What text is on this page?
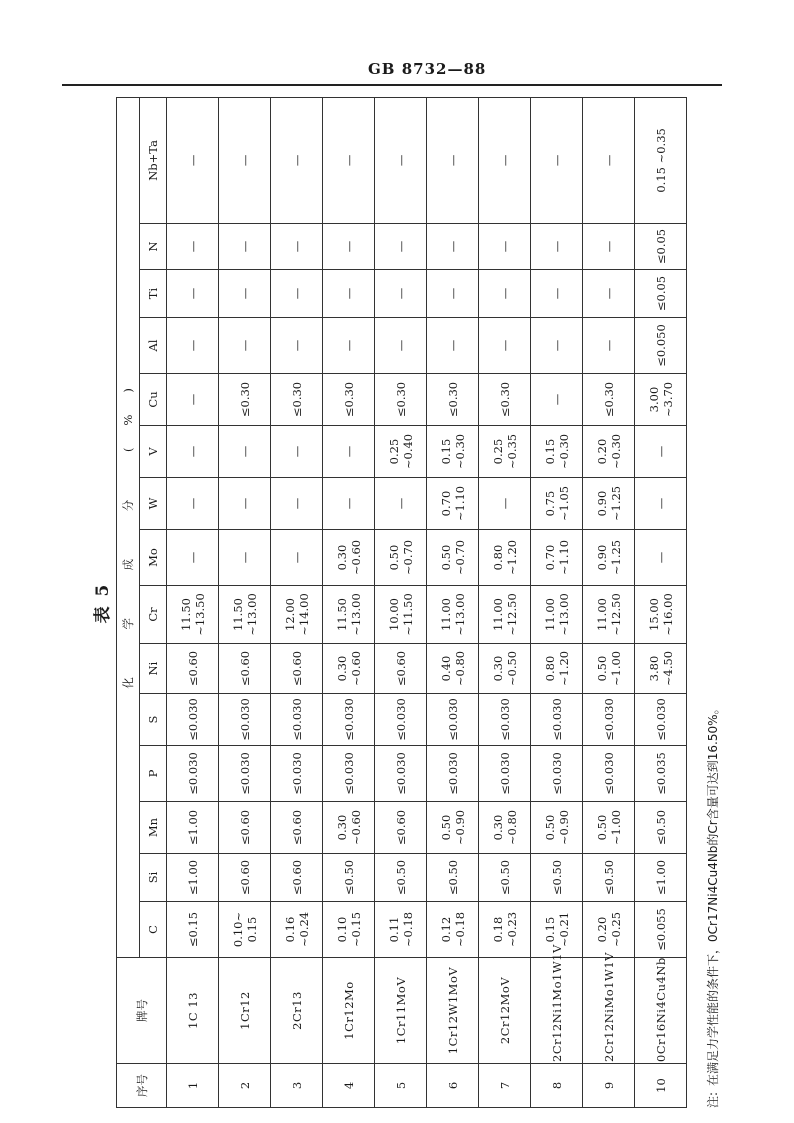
GB 8732—88
表 5
序号	牌号	化 学 成 分 (%)														
		C	Si	Mn	P	S	Ni	Cr	Mo	W	V	Cu	Al	Ti	N	Nb+Ta
1	1C 13	≤0.15	≤1.00	≤1.00	≤0.030	≤0.030	≤0.60	11.50 ~13.50	—	—	—	—	—	—	—	—
2	1Cr12	0.10~ 0.15	≤0.60	≤0.60	≤0.030	≤0.030	≤0.60	11.50 ~13.00	—	—	—	≤0.30	—	—	—	—
3	2Cr13	0.16 ~0.24	≤0.60	≤0.60	≤0.030	≤0.030	≤0.60	12.00 ~14.00	—	—	—	≤0.30	—	—	—	—
4	1Cr12Mo	0.10 ~0.15	≤0.50	0.30 ~0.60	≤0.030	≤0.030	0.30 ~0.60	11.50 ~13.00	0.30 ~0.60	—	—	≤0.30	—	—	—	—
5	1Cr11MoV	0.11 ~0.18	≤0.50	≤0.60	≤0.030	≤0.030	≤0.60	10.00 ~11.50	0.50 ~0.70	—	0.25 ~0.40	≤0.30	—	—	—	—
6	1Cr12W1MoV	0.12 ~0.18	≤0.50	0.50 ~0.90	≤0.030	≤0.030	0.40 ~0.80	11.00 ~13.00	0.50 ~0.70	0.70 ~1.10	0.15 ~0.30	≤0.30	—	—	—	—
7	2Cr12MoV	0.18 ~0.23	≤0.50	0.30 ~0.80	≤0.030	≤0.030	0.30 ~0.50	11.00 ~12.50	0.80 ~1.20	—	0.25 ~0.35	≤0.30	—	—	—	—
8	2Cr12Ni1Mo1W1V	0.15 ~0.21	≤0.50	0.50 ~0.90	≤0.030	≤0.030	0.80 ~1.20	11.00 ~13.00	0.70 ~1.10	0.75 ~1.05	0.15 ~0.30	—	—	—	—	—
9	2Cr12NiMo1W1V	0.20 ~0.25	≤0.50	0.50 ~1.00	≤0.030	≤0.030	0.50 ~1.00	11.00 ~12.50	0.90 ~1.25	0.90 ~1.25	0.20 ~0.30	≤0.30	—	—	—	—
10	0Cr16Ni4Cu4Nb	≤0.055	≤1.00	≤0.50	≤0.035	≤0.030	3.80 ~4.50	15.00 ~16.00	—	—	—	3.00 ~3.70	≤0.050	≤0.05	≤0.05	0.15 ~0.35
注:在满足力学性能的条件下，0Cr17Ni4Cu4Nb的Cr含量可达到16.50%。
